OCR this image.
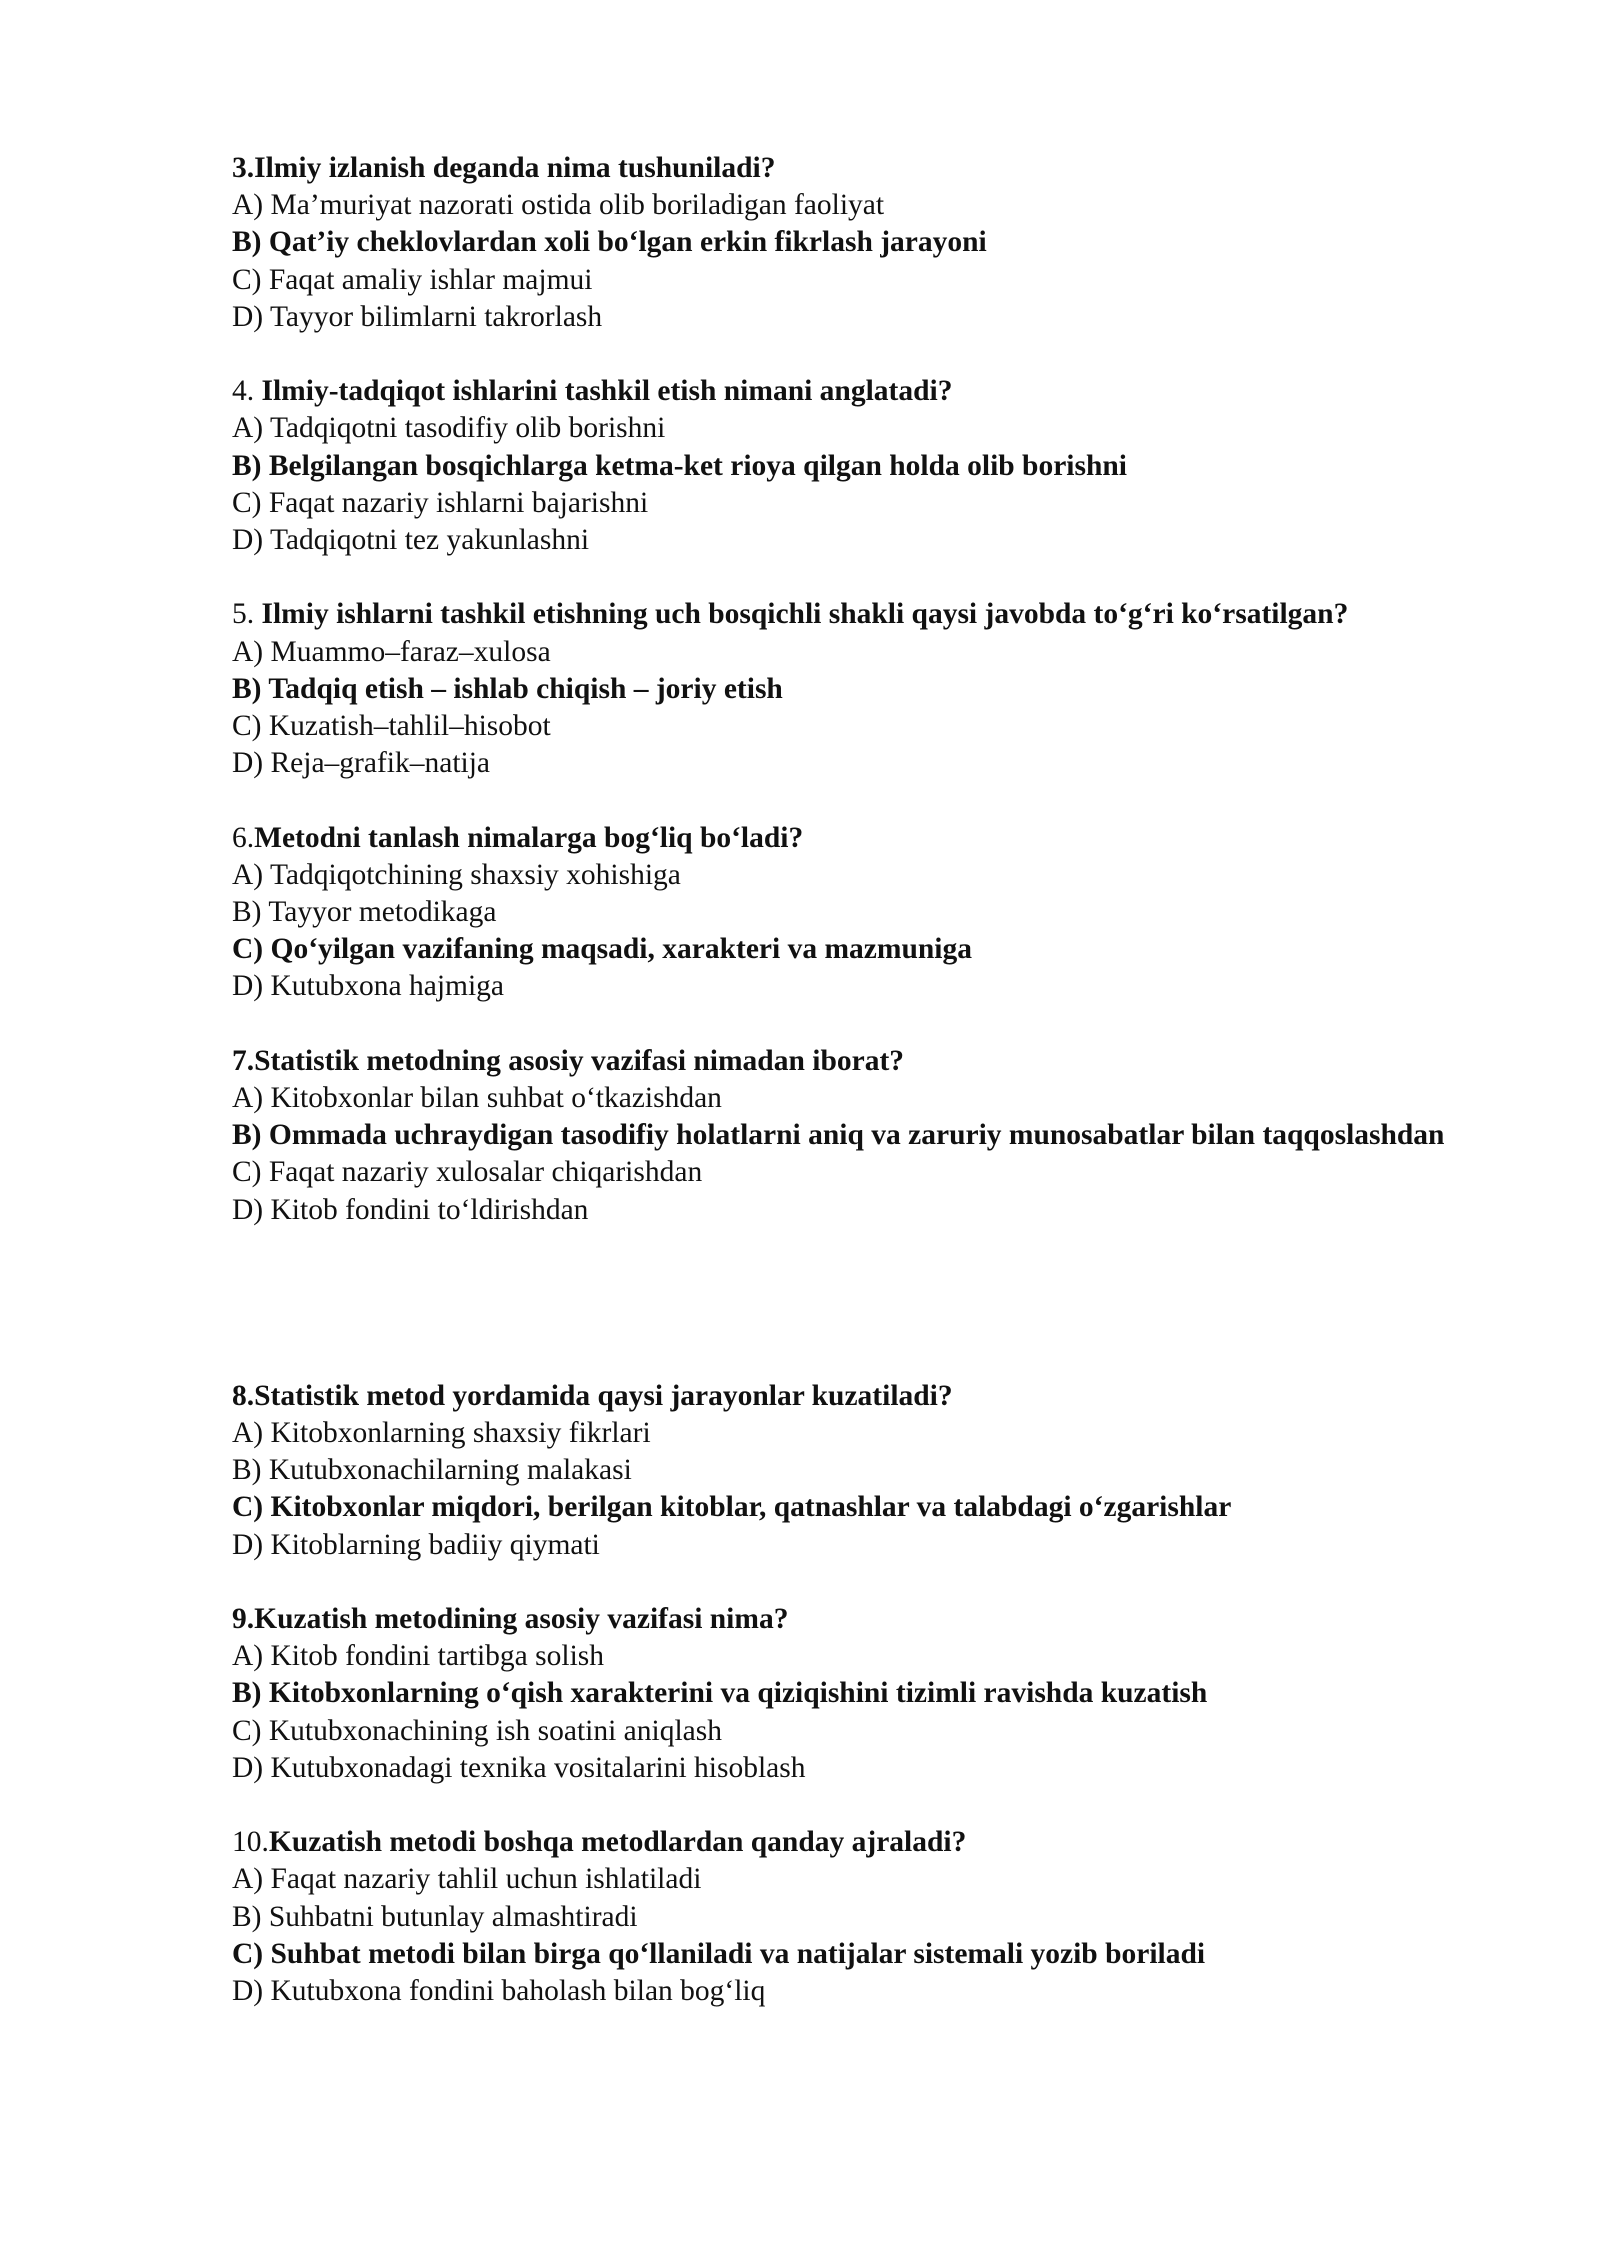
3.Ilmiy izlanish deganda nima tushuniladi?

A) Ma’muriyat nazorati ostida olib boriladigan faoliyat

B) Qat’iy cheklovlardan xoli bo‘lgan erkin fikrlash jarayoni

C) Faqat amaliy ishlar majmui

D) Tayyor bilimlarni takrorlash

4. Ilmiy-tadqiqot ishlarini tashkil etish nimani anglatadi?

A) Tadqiqotni tasodifiy olib borishni

B) Belgilangan bosqichlarga ketma-ket rioya qilgan holda olib borishni

C) Faqat nazariy ishlarni bajarishni

D) Tadqiqotni tez yakunlashni

5. Ilmiy ishlarni tashkil etishning uch bosqichli shakli qaysi javobda to‘g‘ri ko‘rsatilgan?

A) Muammo–faraz–xulosa

B) Tadqiq etish – ishlab chiqish – joriy etish

C) Kuzatish–tahlil–hisobot

D) Reja–grafik–natija

6.Metodni tanlash nimalarga bog‘liq bo‘ladi?

A) Tadqiqotchining shaxsiy xohishiga

B) Tayyor metodikaga

C) Qo‘yilgan vazifaning maqsadi, xarakteri va mazmuniga

D) Kutubxona hajmiga

7.Statistik metodning asosiy vazifasi nimadan iborat?

A) Kitobxonlar bilan suhbat o‘tkazishdan

B) Ommada uchraydigan tasodifiy holatlarni aniq va zaruriy munosabatlar bilan taqqoslashdan

C) Faqat nazariy xulosalar chiqarishdan

D) Kitob fondini to‘ldirishdan

8.Statistik metod yordamida qaysi jarayonlar kuzatiladi?

A) Kitobxonlarning shaxsiy fikrlari

B) Kutubxonachilarning malakasi

C) Kitobxonlar miqdori, berilgan kitoblar, qatnashlar va talabdagi o‘zgarishlar

D) Kitoblarning badiiy qiymati

9.Kuzatish metodining asosiy vazifasi nima?

A) Kitob fondini tartibga solish

B) Kitobxonlarning o‘qish xarakterini va qiziqishini tizimli ravishda kuzatish

C) Kutubxonachining ish soatini aniqlash

D) Kutubxonadagi texnika vositalarini hisoblash

10.Kuzatish metodi boshqa metodlardan qanday ajraladi?

A) Faqat nazariy tahlil uchun ishlatiladi

B) Suhbatni butunlay almashtiradi

C) Suhbat metodi bilan birga qo‘llaniladi va natijalar sistemali yozib boriladi

D) Kutubxona fondini baholash bilan bog‘liq
